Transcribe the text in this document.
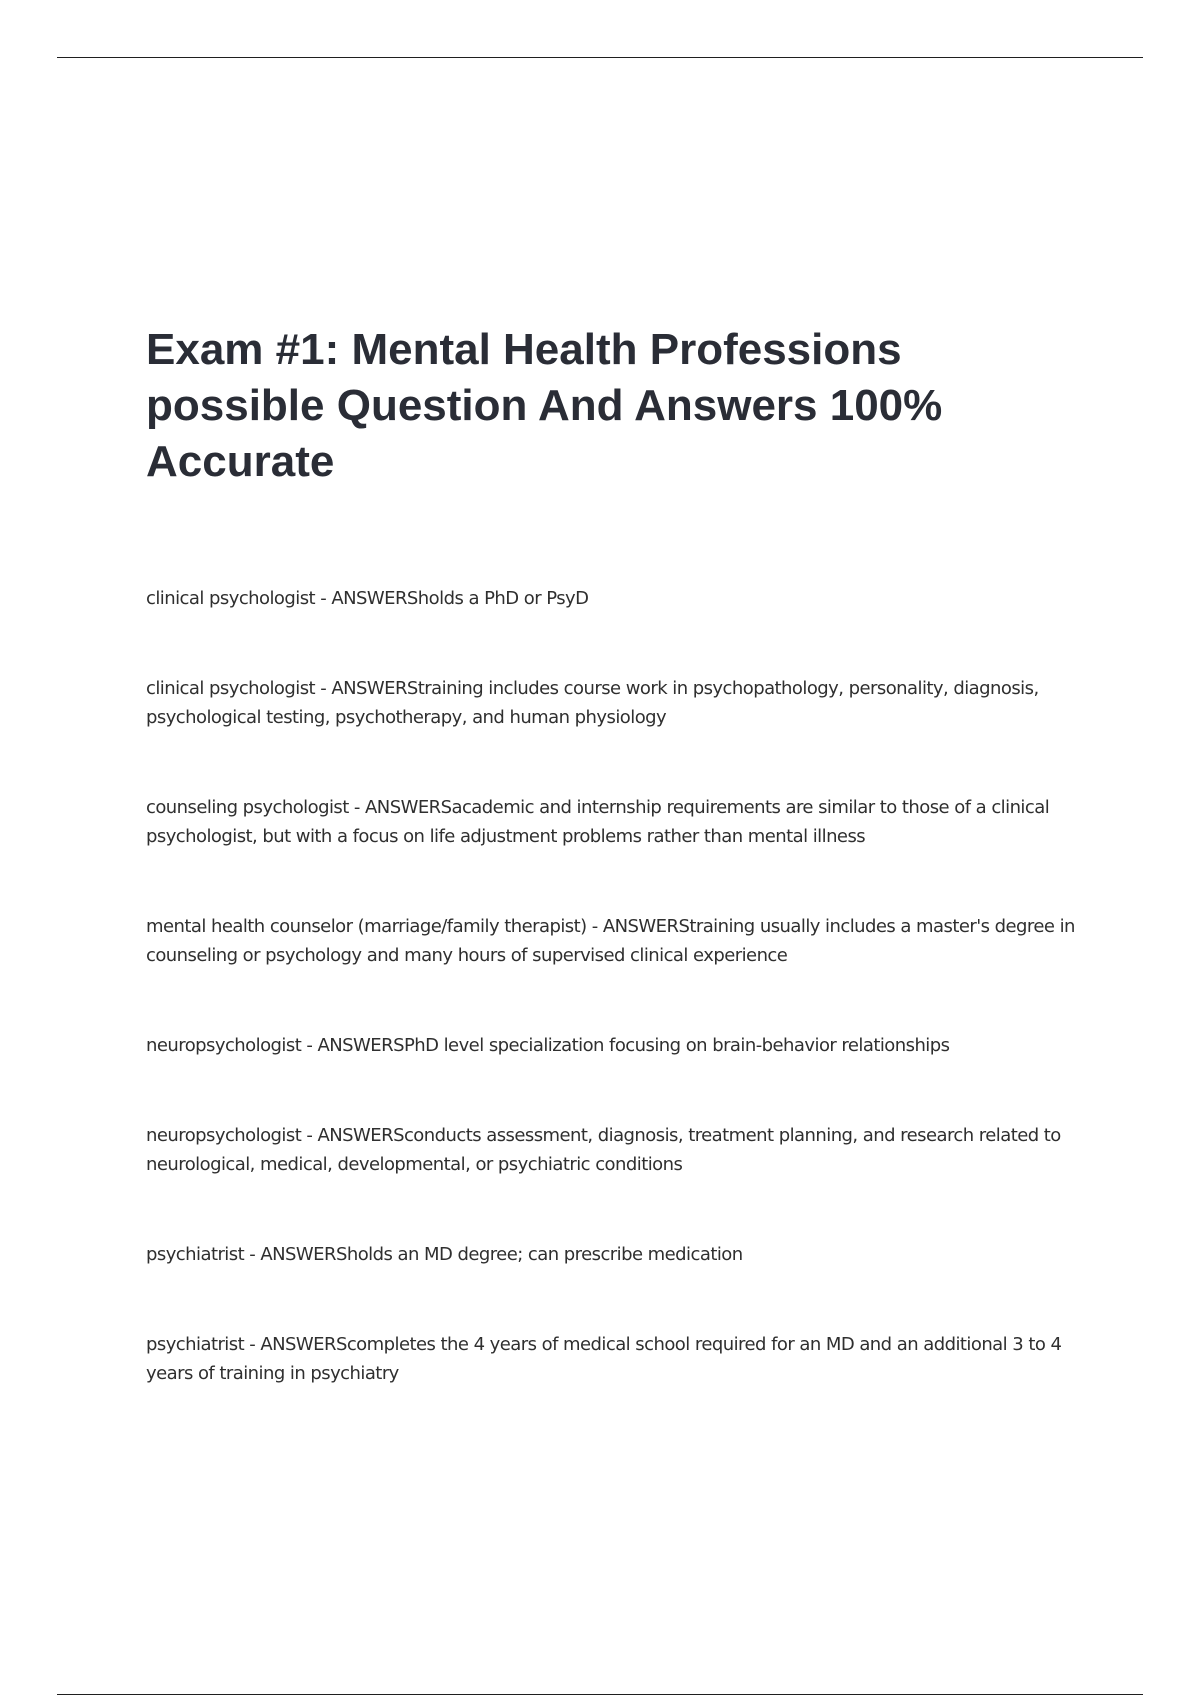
Exam #1: Mental Health Professions possible Question And Answers 100% Accurate
clinical psychologist - ANSWERSholds a PhD or PsyD
clinical psychologist - ANSWERStraining includes course work in psychopathology, personality, diagnosis, psychological testing, psychotherapy, and human physiology
counseling psychologist - ANSWERSacademic and internship requirements are similar to those of a clinical psychologist, but with a focus on life adjustment problems rather than mental illness
mental health counselor (marriage/family therapist) - ANSWERStraining usually includes a master's degree in counseling or psychology and many hours of supervised clinical experience
neuropsychologist - ANSWERSPhD level specialization focusing on brain-behavior relationships
neuropsychologist - ANSWERSconducts assessment, diagnosis, treatment planning, and research related to neurological, medical, developmental, or psychiatric conditions
psychiatrist - ANSWERSholds an MD degree; can prescribe medication
psychiatrist - ANSWERScompletes the 4 years of medical school required for an MD and an additional 3 to 4 years of training in psychiatry
